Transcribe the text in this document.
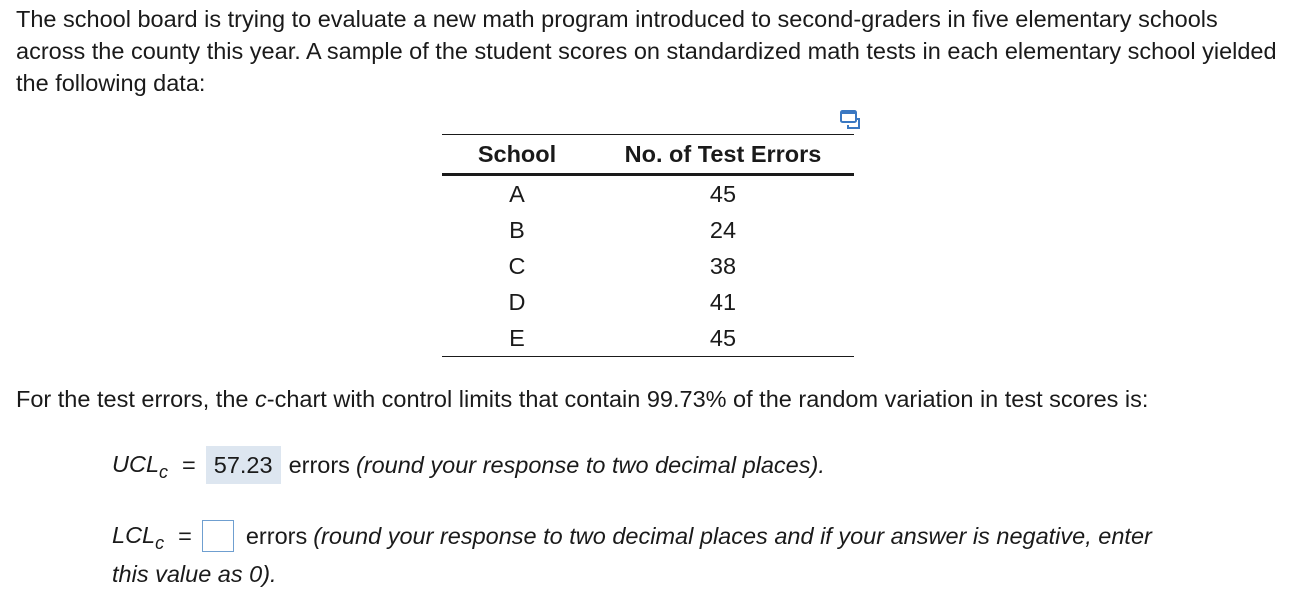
The school board is trying to evaluate a new math program introduced to second-graders in five elementary schools across the county this year. A sample of the student scores on standardized math tests in each elementary school yielded the following data:
School	No. of Test Errors
A	45
B	24
C	38
D	41
E	45
For the test errors, the c-chart with control limits that contain 99.73% of the random variation in test scores is:
$UCL_c = 57.23$ errors (round your response to two decimal places).
$LCL_c$ = errors (round your response to two decimal places and if your answer is negative, enter
this value as 0).
